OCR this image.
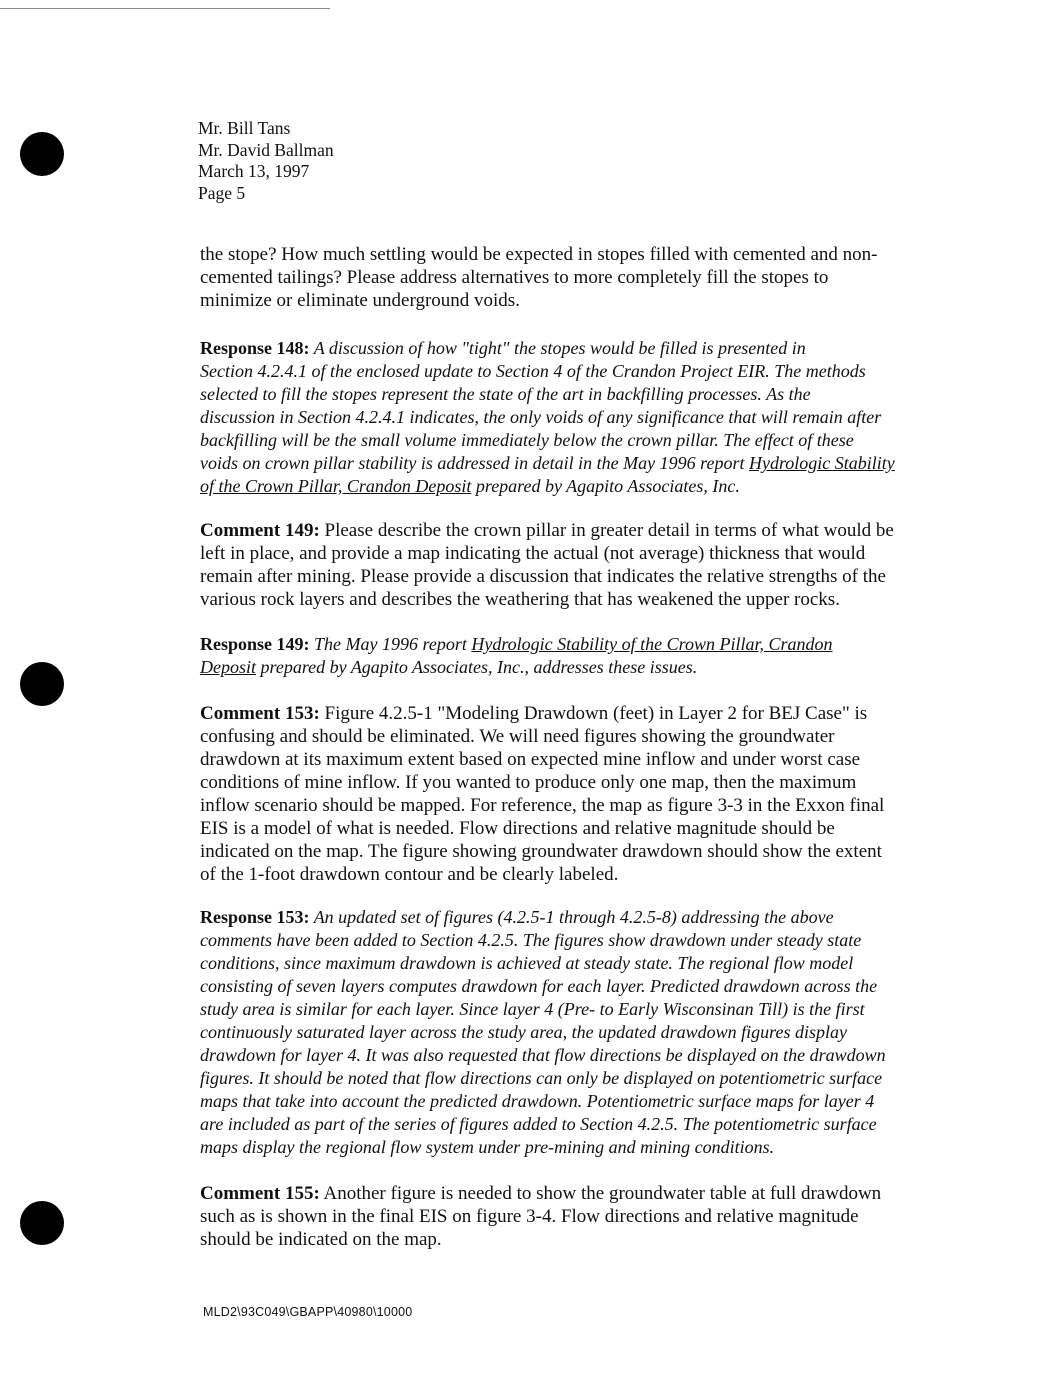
Mr. Bill Tans
Mr. David Ballman
March 13, 1997
Page 5
the stope? How much settling would be expected in stopes filled with cemented and non-
cemented tailings? Please address alternatives to more completely fill the stopes to
minimize or eliminate underground voids.
Response 148: A discussion of how "tight" the stopes would be filled is presented in
Section 4.2.4.1 of the enclosed update to Section 4 of the Crandon Project EIR. The methods
selected to fill the stopes represent the state of the art in backfilling processes. As the
discussion in Section 4.2.4.1 indicates, the only voids of any significance that will remain after
backfilling will be the small volume immediately below the crown pillar. The effect of these
voids on crown pillar stability is addressed in detail in the May 1996 report Hydrologic Stability
of the Crown Pillar, Crandon Deposit prepared by Agapito Associates, Inc.
Comment 149: Please describe the crown pillar in greater detail in terms of what would be
left in place, and provide a map indicating the actual (not average) thickness that would
remain after mining. Please provide a discussion that indicates the relative strengths of the
various rock layers and describes the weathering that has weakened the upper rocks.
Response 149: The May 1996 report Hydrologic Stability of the Crown Pillar, Crandon
Deposit prepared by Agapito Associates, Inc., addresses these issues.
Comment 153: Figure 4.2.5-1 "Modeling Drawdown (feet) in Layer 2 for BEJ Case" is
confusing and should be eliminated. We will need figures showing the groundwater
drawdown at its maximum extent based on expected mine inflow and under worst case
conditions of mine inflow. If you wanted to produce only one map, then the maximum
inflow scenario should be mapped. For reference, the map as figure 3-3 in the Exxon final
EIS is a model of what is needed. Flow directions and relative magnitude should be
indicated on the map. The figure showing groundwater drawdown should show the extent
of the 1-foot drawdown contour and be clearly labeled.
Response 153: An updated set of figures (4.2.5-1 through 4.2.5-8) addressing the above
comments have been added to Section 4.2.5. The figures show drawdown under steady state
conditions, since maximum drawdown is achieved at steady state. The regional flow model
consisting of seven layers computes drawdown for each layer. Predicted drawdown across the
study area is similar for each layer. Since layer 4 (Pre- to Early Wisconsinan Till) is the first
continuously saturated layer across the study area, the updated drawdown figures display
drawdown for layer 4. It was also requested that flow directions be displayed on the drawdown
figures. It should be noted that flow directions can only be displayed on potentiometric surface
maps that take into account the predicted drawdown. Potentiometric surface maps for layer 4
are included as part of the series of figures added to Section 4.2.5. The potentiometric surface
maps display the regional flow system under pre-mining and mining conditions.
Comment 155: Another figure is needed to show the groundwater table at full drawdown
such as is shown in the final EIS on figure 3-4. Flow directions and relative magnitude
should be indicated on the map.
MLD2\93C049\GBAPP\40980\10000
